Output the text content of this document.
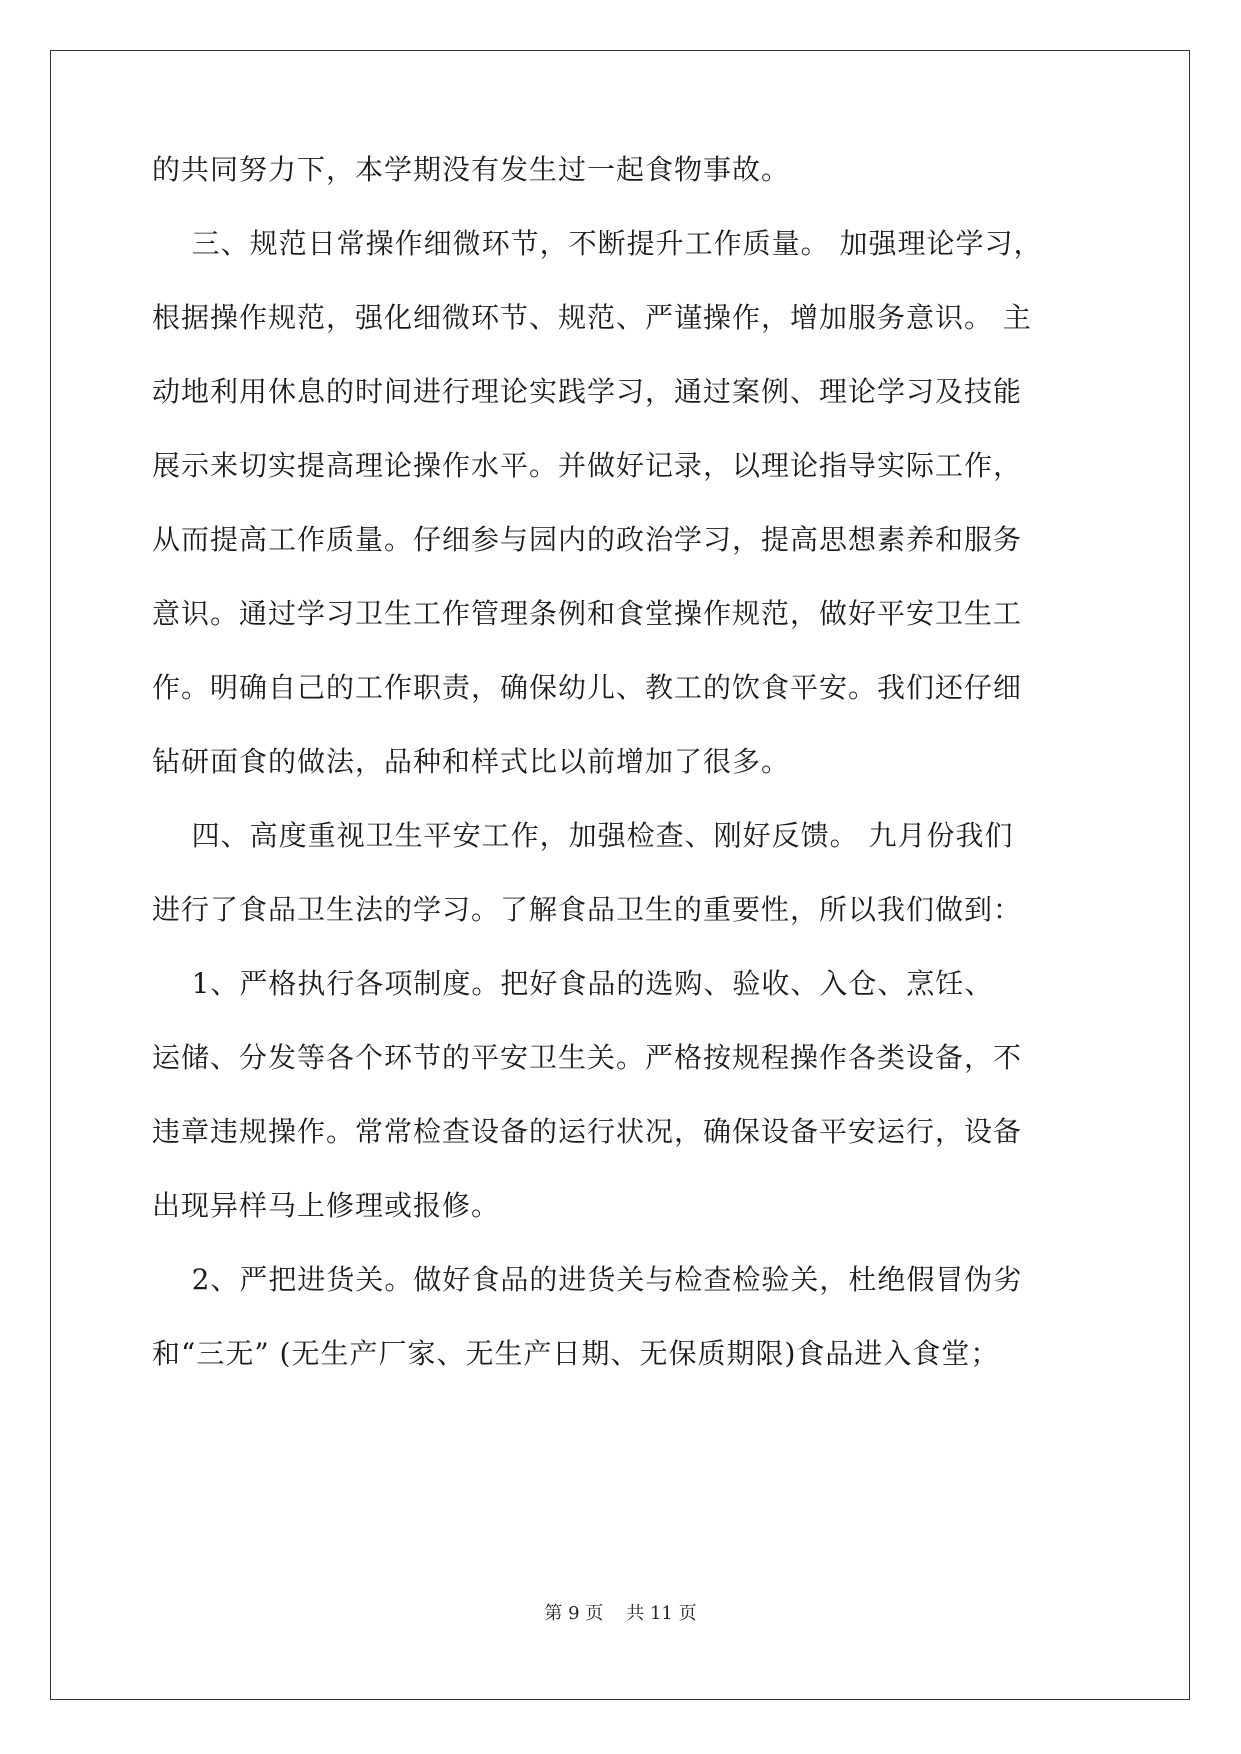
的共同努力下，本学期没有发生过一起食物事故。
三、规范日常操作细微环节，不断提升工作质量。 加强理论学习，
根据操作规范，强化细微环节、规范、严谨操作，增加服务意识。 主
动地利用休息的时间进行理论实践学习，通过案例、理论学习及技能
展示来切实提高理论操作水平。并做好记录，以理论指导实际工作，
从而提高工作质量。仔细参与园内的政治学习，提高思想素养和服务
意识。通过学习卫生工作管理条例和食堂操作规范，做好平安卫生工
作。明确自己的工作职责，确保幼儿、教工的饮食平安。我们还仔细
钻研面食的做法，品种和样式比以前增加了很多。
四、高度重视卫生平安工作，加强检查、刚好反馈。 九月份我们
进行了食品卫生法的学习。了解食品卫生的重要性，所以我们做到：
1、严格执行各项制度。把好食品的选购、验收、入仓、烹饪、
运储、分发等各个环节的平安卫生关。严格按规程操作各类设备，不
违章违规操作。常常检查设备的运行状况，确保设备平安运行，设备
出现异样马上修理或报修。
2、严把进货关。做好食品的进货关与检查检验关，杜绝假冒伪劣
和“三无” (无生产厂家、无生产日期、无保质期限)食品进入食堂；
第 9 页 共 11 页
